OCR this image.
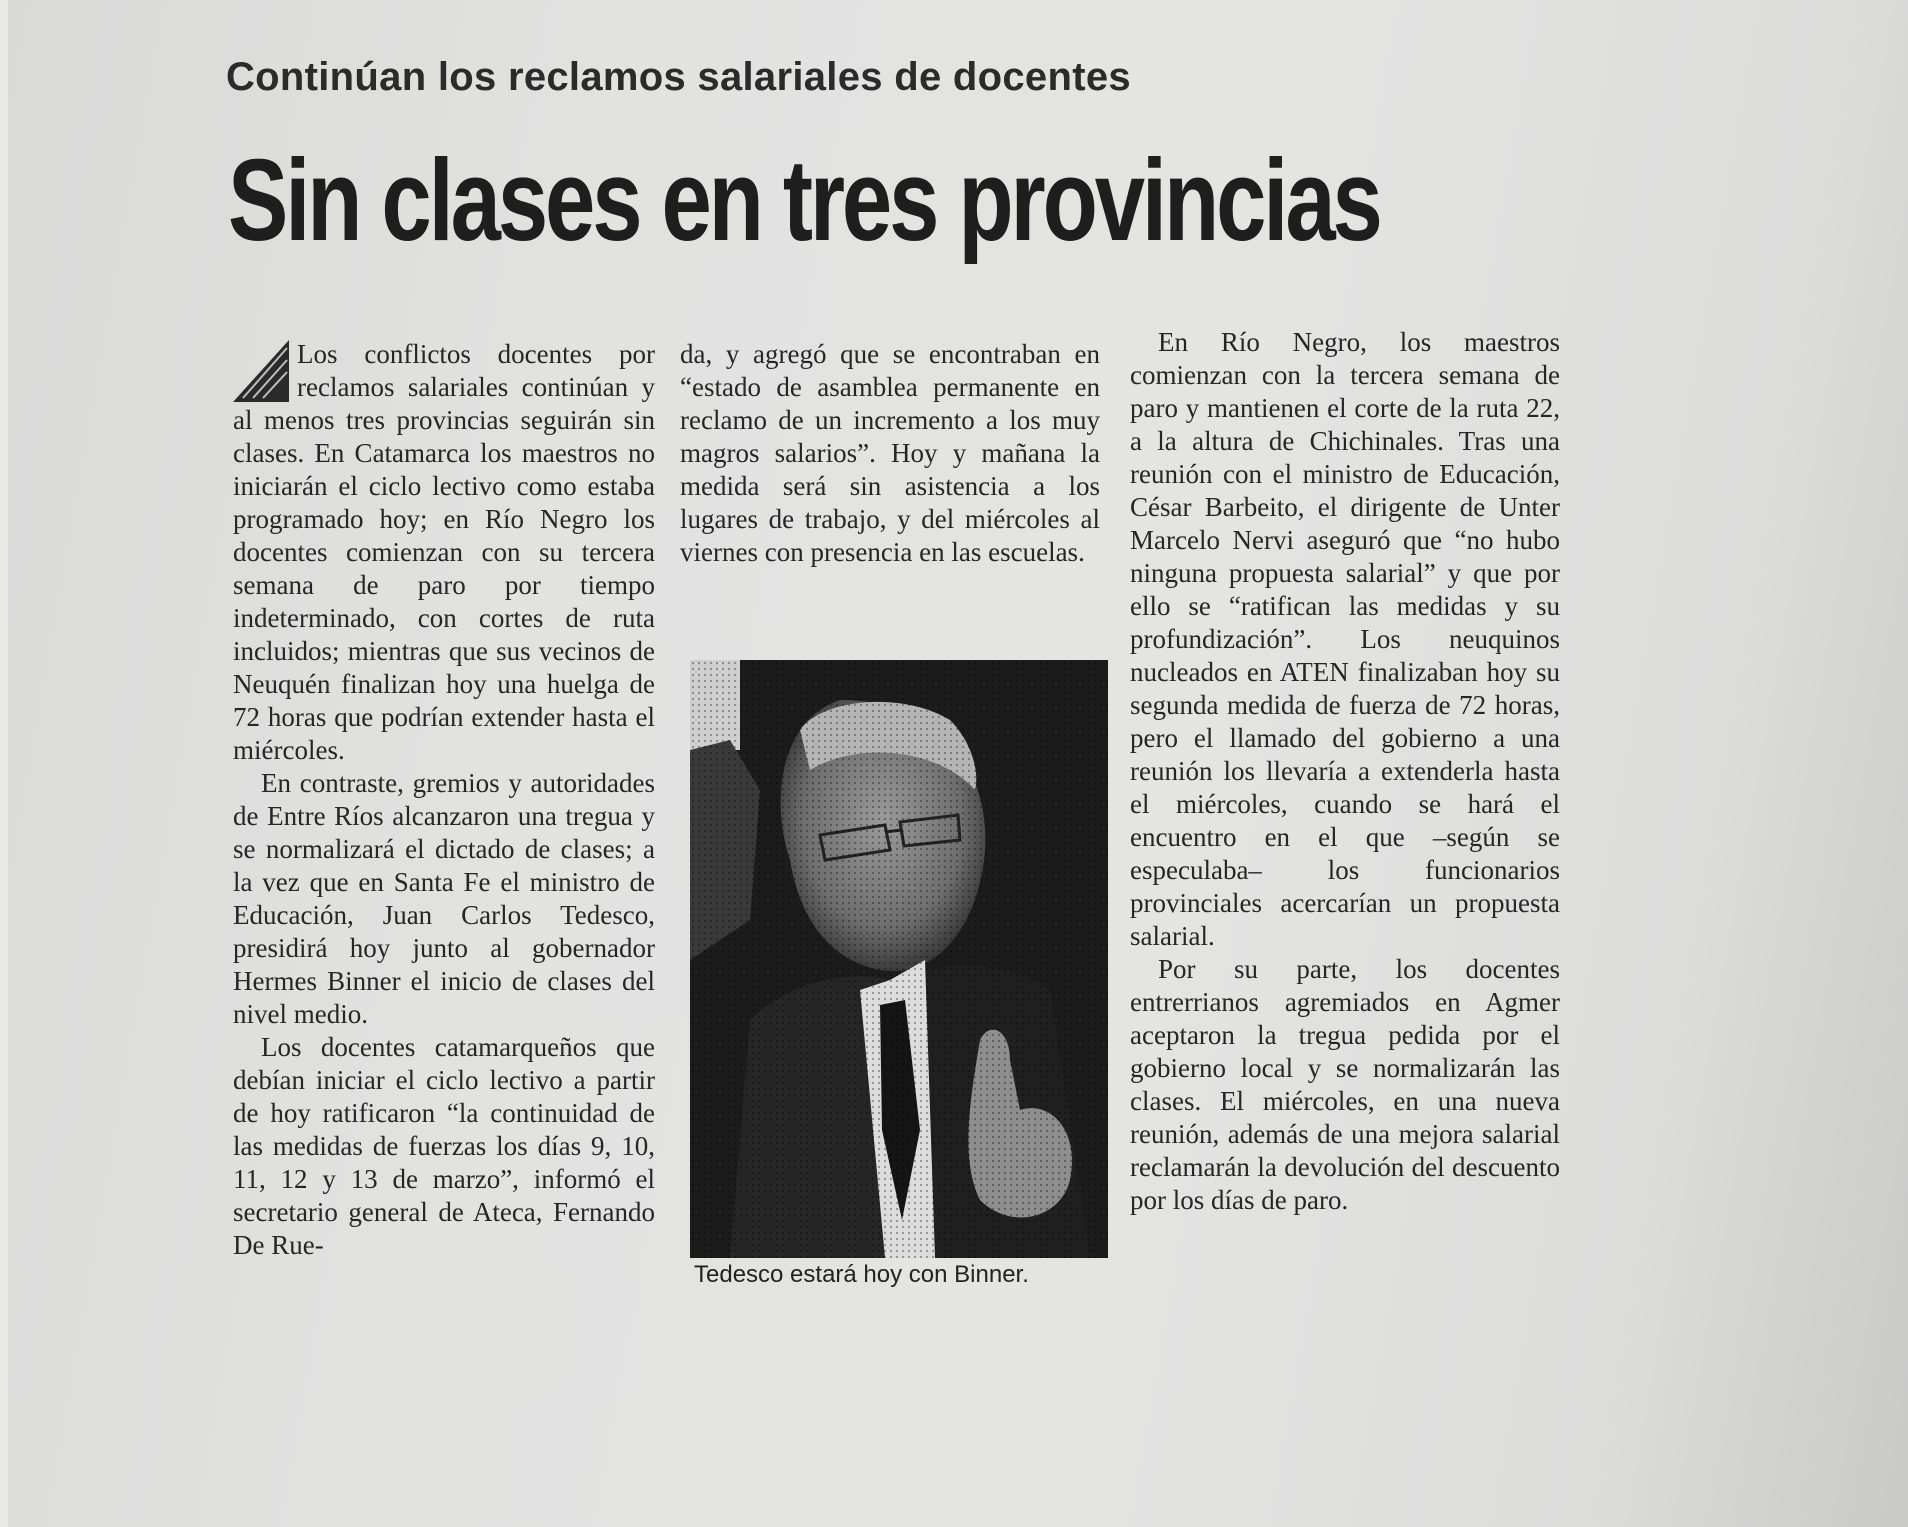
Continúan los reclamos salariales de docentes
Sin clases en tres provincias

Los conflictos docentes por reclamos salariales continúan y al menos tres provincias seguirán sin clases. En Catamarca los maestros no iniciarán el ciclo lectivo como estaba programado hoy; en Río Negro los docentes comienzan con su tercera semana de paro por tiempo indeterminado, con cortes de ruta incluidos; mientras que sus vecinos de Neuquén finalizan hoy una huelga de 72 horas que podrían extender hasta el miércoles.

En contraste, gremios y autoridades de Entre Ríos alcanzaron una tregua y se normalizará el dictado de clases; a la vez que en Santa Fe el ministro de Educación, Juan Carlos Tedesco, presidirá hoy junto al gobernador Hermes Binner el inicio de clases del nivel medio.

Los docentes catamarqueños que debían iniciar el ciclo lectivo a partir de hoy ratificaron “la continuidad de las medidas de fuerzas los días 9, 10, 11, 12 y 13 de marzo”, informó el secretario general de Ateca, Fernando De Rue-

da, y agregó que se encontraban en “estado de asamblea permanente en reclamo de un incremento a los muy magros salarios”. Hoy y mañana la medida será sin asistencia a los lugares de trabajo, y del miércoles al viernes con presencia en las escuelas.

Tedesco estará hoy con Binner.

En Río Negro, los maestros comienzan con la tercera semana de paro y mantienen el corte de la ruta 22, a la altura de Chichinales. Tras una reunión con el ministro de Educación, César Barbeito, el dirigente de Unter Marcelo Nervi aseguró que “no hubo ninguna propuesta salarial” y que por ello se “ratifican las medidas y su profundización”. Los neuquinos nucleados en ATEN finalizaban hoy su segunda medida de fuerza de 72 horas, pero el llamado del gobierno a una reunión los llevaría a extenderla hasta el miércoles, cuando se hará el encuentro en el que –según se especulaba– los funcionarios provinciales acercarían un propuesta salarial.

Por su parte, los docentes entrerrianos agremiados en Agmer aceptaron la tregua pedida por el gobierno local y se normalizarán las clases. El miércoles, en una nueva reunión, además de una mejora salarial reclamarán la devolución del descuento por los días de paro.
